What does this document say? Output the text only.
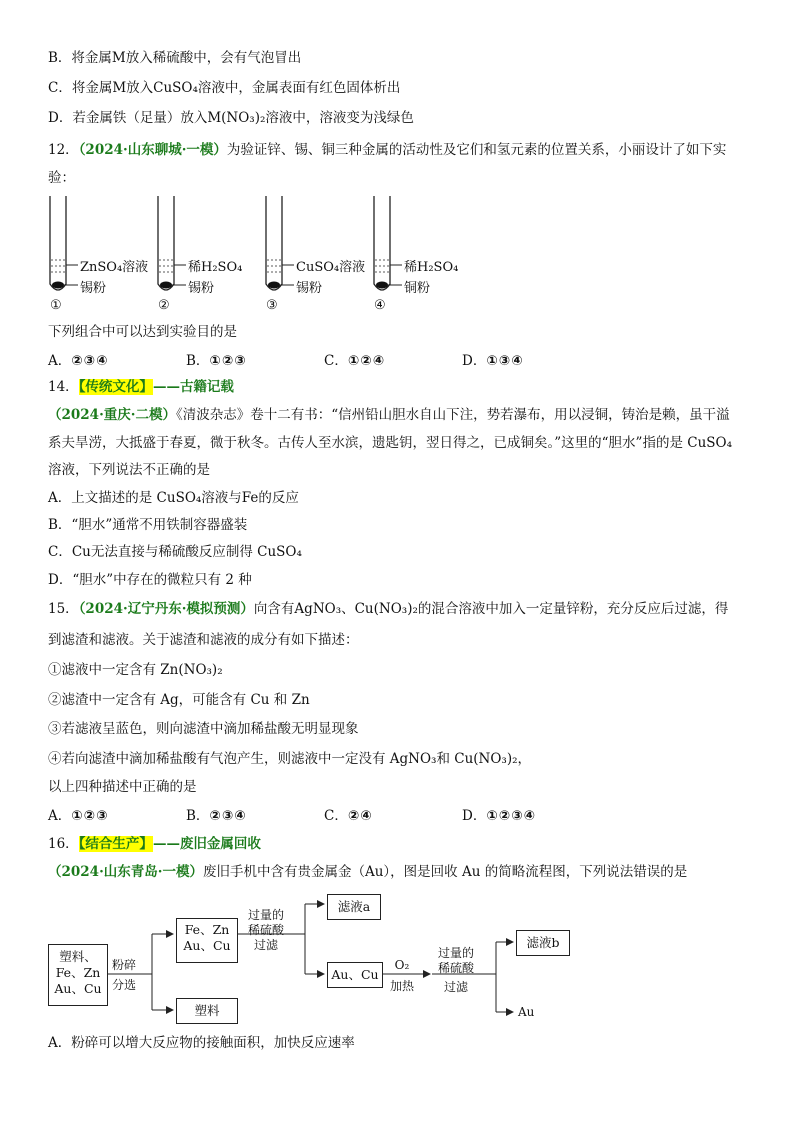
B．将金属M放入稀硫酸中，会有气泡冒出
C．将金属M放入CuSO₄溶液中，金属表面有红色固体析出
D．若金属铁（足量）放入M(NO₃)₂溶液中，溶液变为浅绿色
12．（2024·山东聊城·一模）为验证锌、锡、铜三种金属的活动性及它们和氢元素的位置关系，小丽设计了如下实
验：
ZnSO₄溶液
锡粉
①
稀H₂SO₄
锡粉
②
CuSO₄溶液
锡粉
③
稀H₂SO₄
铜粉
④
下列组合中可以达到实验目的是
A．②③④	B．①②③	C．①②④	D．①③④
14．【传统文化】——古籍记载
（2024·重庆·二模）《清波杂志》卷十二有书：“信州铅山胆水自山下注，势若瀑布，用以浸铜，铸治是赖，虽干溢
系夫旱涝，大抵盛于春夏，微于秋冬。古传人至水滨，遗匙钥，翌日得之，已成铜矣。”这里的“胆水”指的是 CuSO₄
溶液，下列说法不正确的是
A．上文描述的是 CuSO₄溶液与Fe的反应
B．“胆水”通常不用铁制容器盛装
C．Cu无法直接与稀硫酸反应制得 CuSO₄
D．“胆水”中存在的微粒只有 2 种
15．（2024·辽宁丹东·模拟预测）向含有AgNO₃、Cu(NO₃)₂的混合溶液中加入一定量锌粉，充分反应后过滤，得
到滤渣和滤液。关于滤渣和滤液的成分有如下描述：
①滤液中一定含有 Zn(NO₃)₂
②滤渣中一定含有 Ag，可能含有 Cu 和 Zn
③若滤液呈蓝色，则向滤渣中滴加稀盐酸无明显现象
④若向滤渣中滴加稀盐酸有气泡产生，则滤液中一定没有 AgNO₃和 Cu(NO₃)₂，
以上四种描述中正确的是
A．①②③	B．②③④	C．②④	D．①②③④
16．【结合生产】——废旧金属回收
（2024·山东青岛·一模）废旧手机中含有贵金属金（Au），图是回收 Au 的简略流程图，下列说法错误的是
塑料、
Fe、Zn
Au、Cu
粉碎
分选
Fe、Zn
Au、Cu
塑料
过量的
稀硫酸
过滤
滤液a
Au、Cu
O₂
加热
过量的
稀硫酸
过滤
滤液b
Au
A．粉碎可以增大反应物的接触面积，加快反应速率
